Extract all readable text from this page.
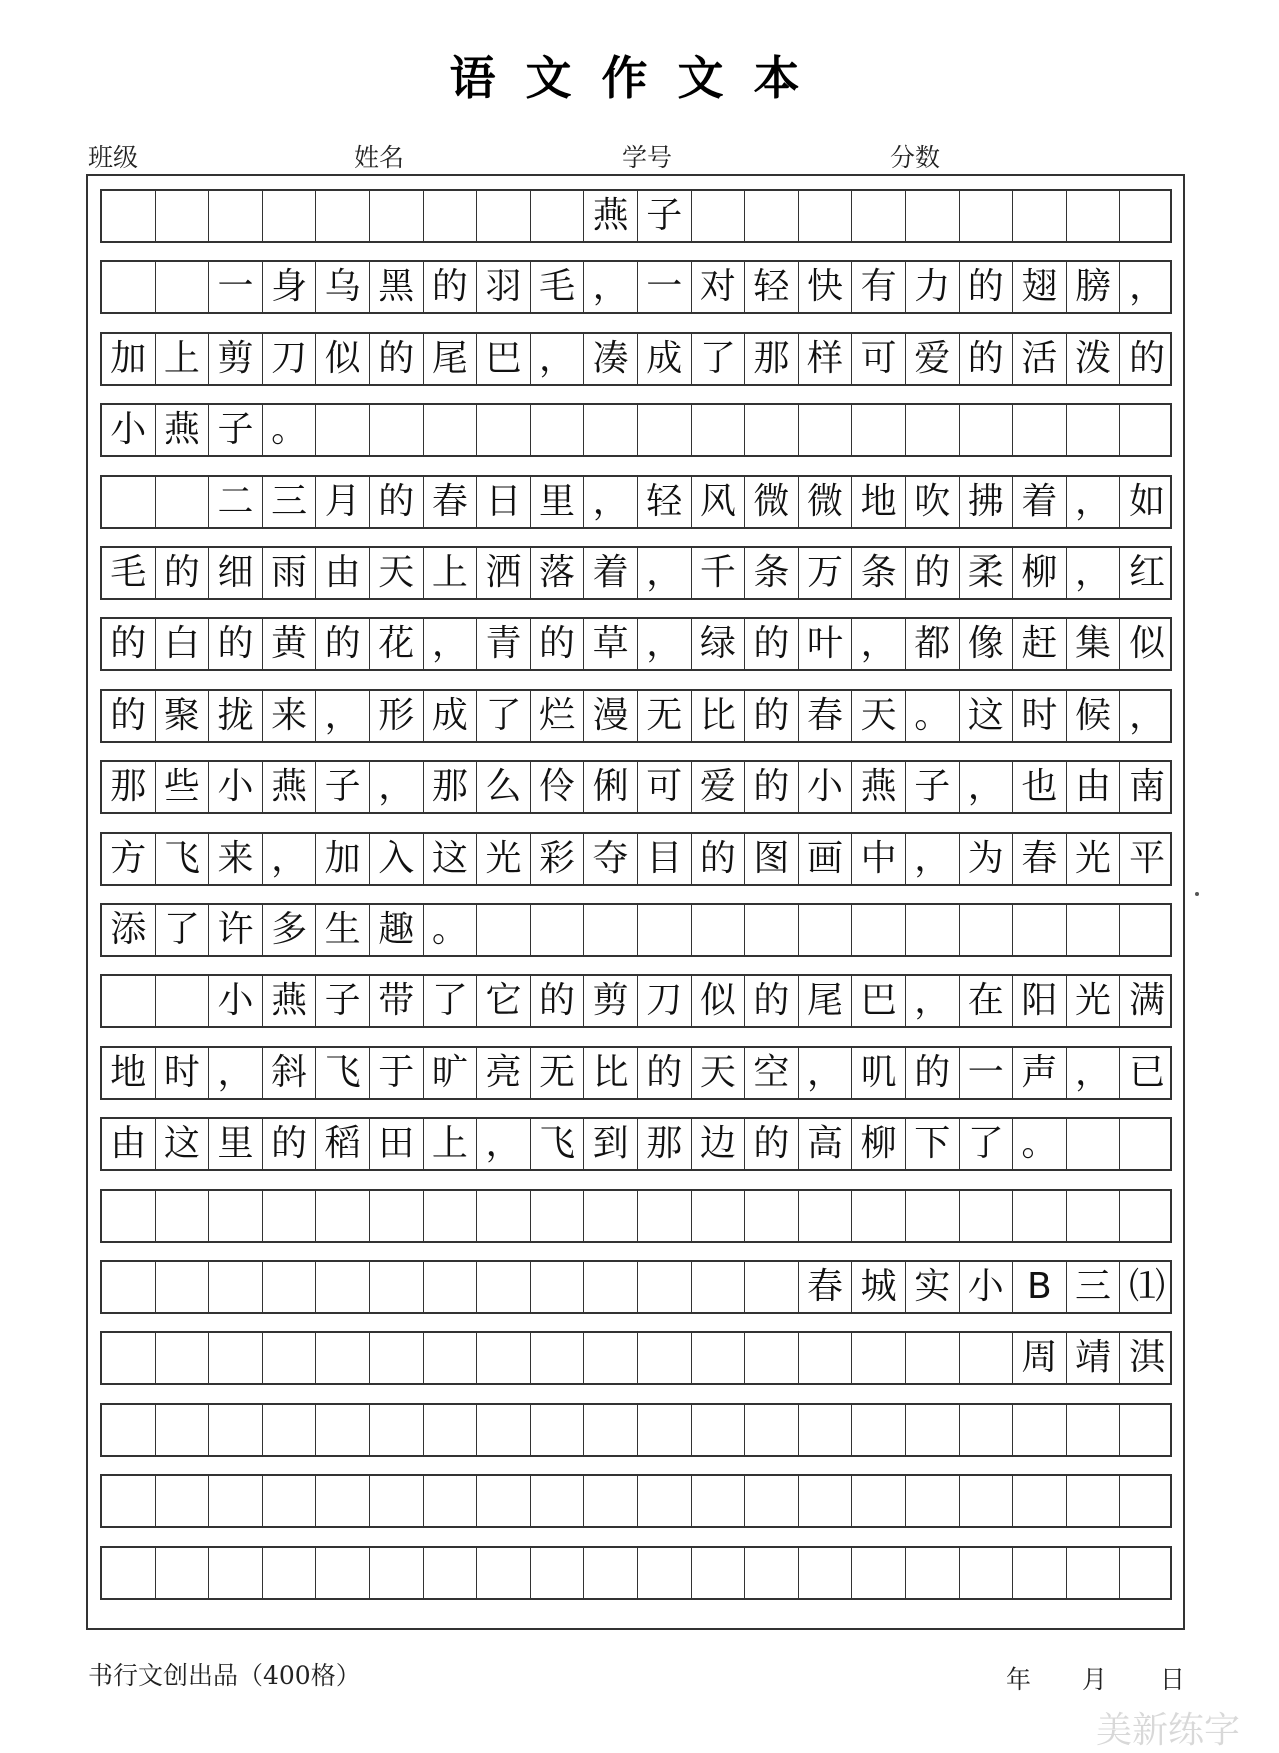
语文作文本
班级	姓名	学号	分数
燕 子
一 身 乌 黑 的 羽 毛 ， 一 对 轻 快 有 力 的 翅 膀 ，
加 上 剪 刀 似 的 尾 巴 ， 凑 成 了 那 样 可 爱 的 活 泼 的
小 燕 子 。
二 三 月 的 春 日 里 ， 轻 风 微 微 地 吹 拂 着 ， 如
毛 的 细 雨 由 天 上 洒 落 着 ， 千 条 万 条 的 柔 柳 ， 红
的 白 的 黄 的 花 ， 青 的 草 ， 绿 的 叶 ， 都 像 赶 集 似
的 聚 拢 来 ， 形 成 了 烂 漫 无 比 的 春 天 。 这 时 候 ，
那 些 小 燕 子 ， 那 么 伶 俐 可 爱 的 小 燕 子 ， 也 由 南
方 飞 来 ， 加 入 这 光 彩 夺 目 的 图 画 中 ， 为 春 光 平
添 了 许 多 生 趣 。
小 燕 子 带 了 它 的 剪 刀 似 的 尾 巴 ， 在 阳 光 满
地 时 ， 斜 飞 于 旷 亮 无 比 的 天 空 ， 叽 的 一 声 ， 已
由 这 里 的 稻 田 上 ， 飞 到 那 边 的 高 柳 下 了 。
春 城 实 小 B 三 ⑴
周 靖 淇
书行文创出品（400格）	年 月 日
美新练字
